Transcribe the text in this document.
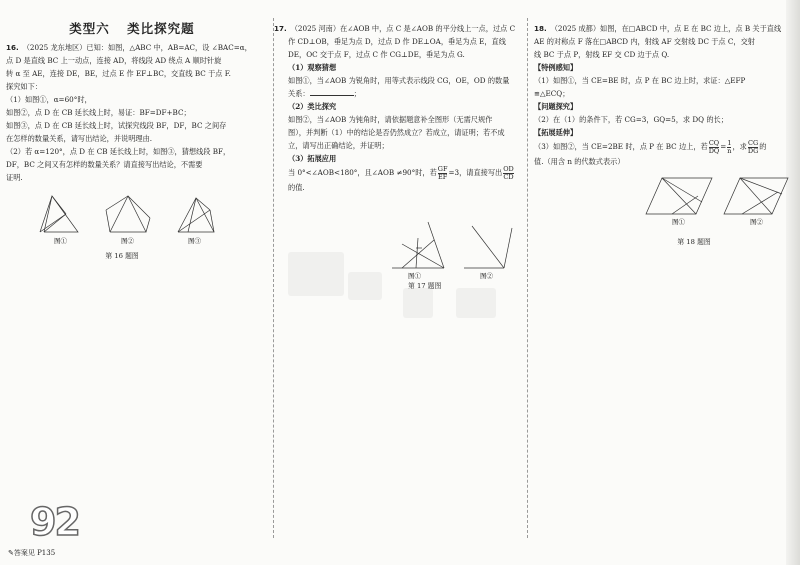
类型六 类比探究题

16. （2025 龙东地区）已知：如图，△ABC 中，AB=AC，设 ∠BAC=α，

点 D 是直线 BC 上一动点，连接 AD，将线段 AD 绕点 A 顺时针旋

转 α 至 AE，连接 DE，BE，过点 E 作 EF⊥BC，交直线 BC 于点 F.

探究如下：

（1）如图①，α=60°时，

如图②，点 D 在 CB 延长线上时，易证：BF=DF+BC；

如图③，点 D 在 CB 延长线上时，试探究线段 BF，DF，BC 之间存

在怎样的数量关系，请写出结论，并说明理由.

（2）若 α=120°，点 D 在 CB 延长线上时，如图③，猜想线段 BF，

DF，BC 之间又有怎样的数量关系？请直接写出结论，不需要

证明.

图①	图②	图③
第 16 题图

17. （2025 河南）在∠AOB 中，点 C 是∠AOB 的平分线上一点，过点 C

作 CD⊥OB，垂足为点 D，过点 D 作 DE⊥OA，垂足为点 E，直线

DE，OC 交于点 F，过点 C 作 CG⊥DE，垂足为点 G.

（1）观察猜想

如图①，当∠AOB 为锐角时，用等式表示线段 CG，OE，OD 的数量

关系：	；

（2）类比探究

如图②，当∠AOB 为钝角时，请依据题意补全图形（无需尺规作

图），并判断（1）中的结论是否仍然成立？若成立，请证明；若不成

立，请写出正确结论，并证明；

（3）拓展应用

当 0°<∠AOB<180°，且∠AOB ≠90°时，若 $\frac{GF}{EF} =3$，请直接写出 $\frac{OD}{CD}$

的值.

图①	图②
第 17 题图

18. （2025 成都）如图，在□ABCD 中，点 E 在 BC 边上，点 B 关于直线

AE 的对称点 F 落在□ABCD 内，射线 AF 交射线 DC 于点 C，交射

线 BC 于点 P，射线 EF 交 CD 边于点 Q.

【特例感知】

（1）如图①，当 CE=BE 时，点 P 在 BC 边上时，求证：△EFP

≌△ECQ；

【问题探究】

（2）在（1）的条件下，若 CG=3，GQ=5，求 DQ 的长；

【拓展延伸】

（3）如图②，当 CE=2BE 时，点 P 在 BC 边上，若 $\frac{CQ}{DQ} = \frac{1}{n}$ ，求 $\frac{CG}{DG}$ 的

值.（用含 n 的代数式表示）

图①	图②
第 18 题图
92
✎答案见 P135
